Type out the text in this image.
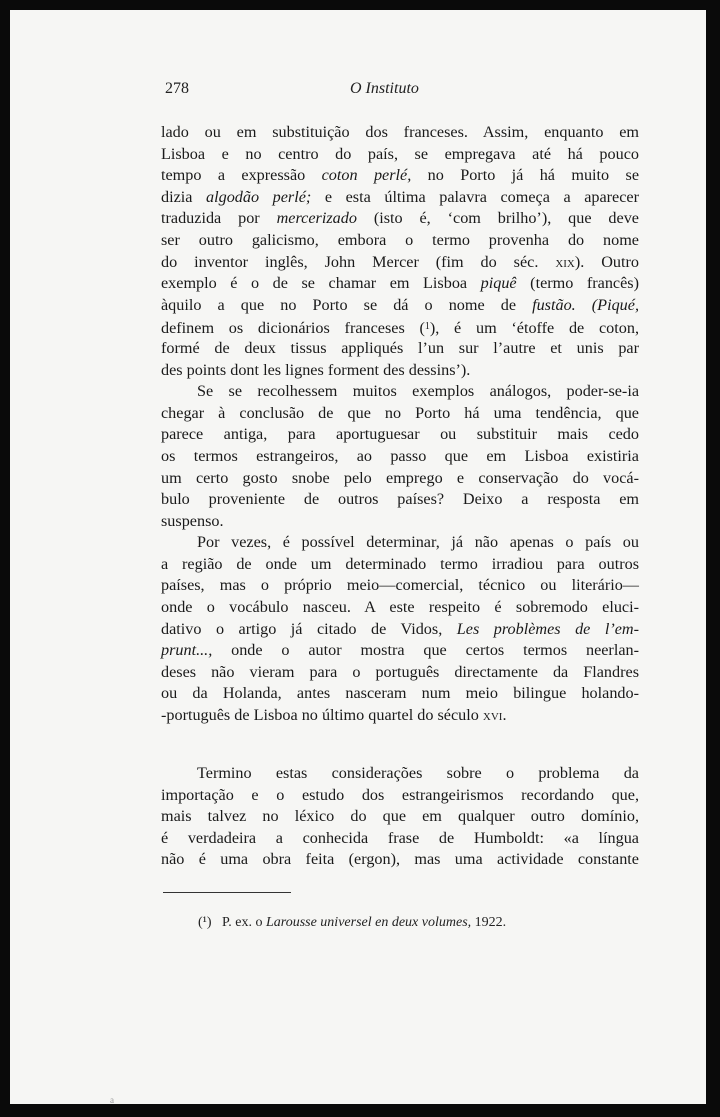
278	O Instituto
lado ou em substituição dos franceses. Assim, enquanto em
Lisboa e no centro do país, se empregava até há pouco
tempo a expressão coton perlé, no Porto já há muito se
dizia algodão perlé; e esta última palavra começa a aparecer
traduzida por mercerizado (isto é, ‘com brilho’), que deve
ser outro galicismo, embora o termo provenha do nome
do inventor inglês, John Mercer (fim do séc. xix). Outro
exemplo é o de se chamar em Lisboa piquê (termo francês)
àquilo a que no Porto se dá o nome de fustão. (Piqué,
definem os dicionários franceses ($^1$), é um ‘étoffe de coton,
formé de deux tissus appliqués l’un sur l’autre et unis par
des points dont les lignes forment des dessins’).
Se se recolhessem muitos exemplos análogos, poder-se-ia
chegar à conclusão de que no Porto há uma tendência, que
parece antiga, para aportuguesar ou substituir mais cedo
os termos estrangeiros, ao passo que em Lisboa existiria
um certo gosto snobe pelo emprego e conservação do vocá-
bulo proveniente de outros países? Deixo a resposta em
suspenso.
Por vezes, é possível determinar, já não apenas o país ou
a região de onde um determinado termo irradiou para outros
países, mas o próprio meio—comercial, técnico ou literário—
onde o vocábulo nasceu. A este respeito é sobremodo eluci-
dativo o artigo já citado de Vidos, Les problèmes de l’em-
prunt..., onde o autor mostra que certos termos neerlan-
deses não vieram para o português directamente da Flandres
ou da Holanda, antes nasceram num meio bilingue holando-
-português de Lisboa no último quartel do século xvi.
Termino estas considerações sobre o problema da
importação e o estudo dos estrangeirismos recordando que,
mais talvez no léxico do que em qualquer outro domínio,
é verdadeira a conhecida frase de Humboldt: «a língua
não é uma obra feita (ergon), mas uma actividade constante
(¹) P. ex. o Larousse universel en deux volumes, 1922.
a
